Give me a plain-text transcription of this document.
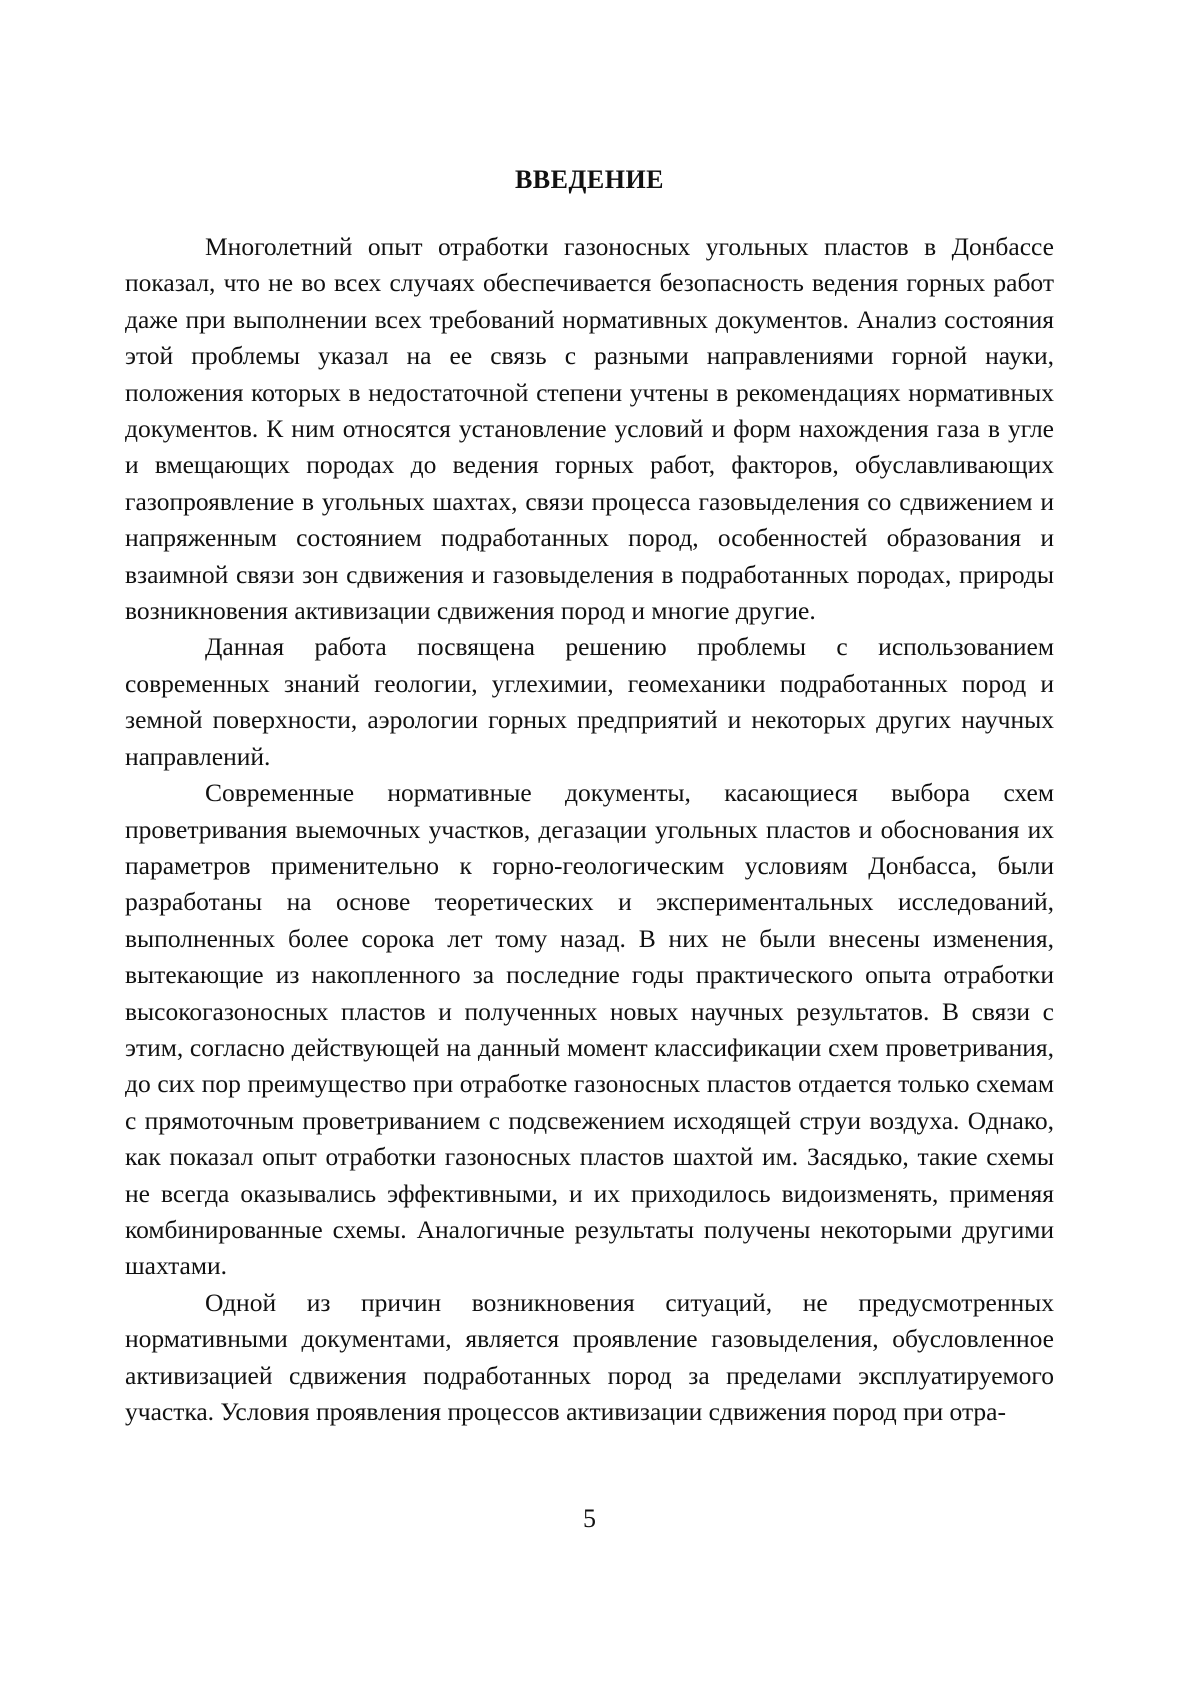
ВВЕДЕНИЕ

Многолетний опыт отработки газоносных угольных пластов в Донбассе показал, что не во всех случаях обеспечивается безопасность ведения горных работ даже при выполнении всех требований нормативных документов. Анализ состояния этой проблемы указал на ее связь с разными направлениями горной науки, положения которых в недостаточной степени учтены в рекомендациях нормативных документов. К ним относятся установление условий и форм нахождения газа в угле и вмещающих породах до ведения горных работ, факторов, обуславливающих газопроявление в угольных шахтах, связи процесса газовыделения со сдвижением и напряженным состоянием подработанных пород, особенностей образования и взаимной связи зон сдвижения и газовыделения в подработанных породах, природы возникновения активизации сдвижения пород и многие другие.

Данная работа посвящена решению проблемы с использованием современных знаний геологии, углехимии, геомеханики подработанных пород и земной поверхности, аэрологии горных предприятий и некоторых других научных направлений.

Современные нормативные документы, касающиеся выбора схем проветривания выемочных участков, дегазации угольных пластов и обоснования их параметров применительно к горно-геологическим условиям Донбасса, были разработаны на основе теоретических и экспериментальных исследований, выполненных более сорока лет тому назад. В них не были внесены изменения, вытекающие из накопленного за последние годы практического опыта отработки высокогазоносных пластов и полученных новых научных результатов. В связи с этим, согласно действующей на данный момент классификации схем проветривания, до сих пор преимущество при отработке газоносных пластов отдается только схемам с прямоточным проветриванием с подсвежением исходящей струи воздуха. Однако, как показал опыт отработки газоносных пластов шахтой им. Засядько, такие схемы не всегда оказывались эффективными, и их приходилось видоизменять, применяя комбинированные схемы. Аналогичные результаты получены некоторыми другими шахтами.

Одной из причин возникновения ситуаций, не предусмотренных нормативными документами, является проявление газовыделения, обусловленное активизацией сдвижения подработанных пород за пределами эксплуатируемого участка. Условия проявления процессов активизации сдвижения пород при отра-

5
